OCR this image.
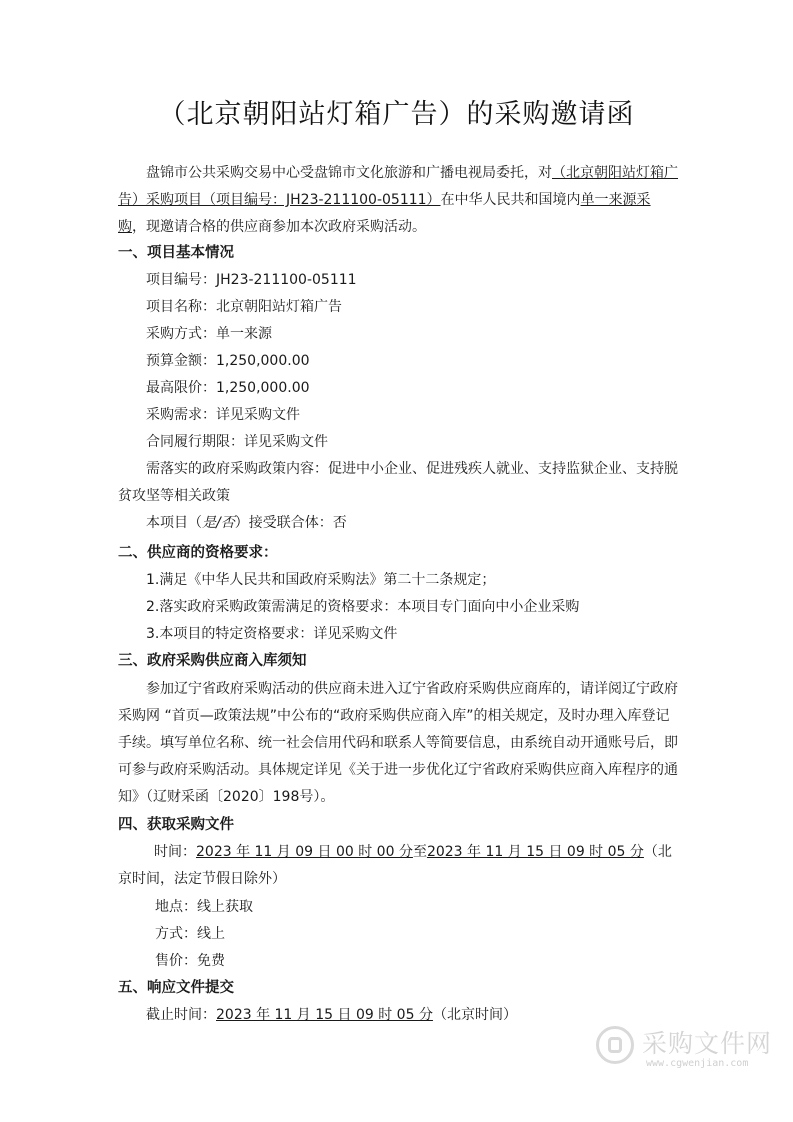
（北京朝阳站灯箱广告）的采购邀请函
盘锦市公共采购交易中心受盘锦市文化旅游和广播电视局委托，对（北京朝阳站灯箱广告）采购项目（项目编号：JH23-211100-05111）在中华人民共和国境内单一来源采购，现邀请合格的供应商参加本次政府采购活动。
一、项目基本情况
项目编号：JH23-211100-05111
项目名称：北京朝阳站灯箱广告
采购方式：单一来源
预算金额：1,250,000.00
最高限价：1,250,000.00
采购需求：详见采购文件
合同履行期限：详见采购文件
需落实的政府采购政策内容：促进中小企业、促进残疾人就业、支持监狱企业、支持脱贫攻坚等相关政策
本项目（是/否）接受联合体：否
二、供应商的资格要求：
1.满足《中华人民共和国政府采购法》第二十二条规定；
2.落实政府采购政策需满足的资格要求：本项目专门面向中小企业采购
3.本项目的特定资格要求：详见采购文件
三、政府采购供应商入库须知
参加辽宁省政府采购活动的供应商未进入辽宁省政府采购供应商库的，请详阅辽宁政府采购网 “首页—政策法规”中公布的“政府采购供应商入库”的相关规定，及时办理入库登记手续。填写单位名称、统一社会信用代码和联系人等简要信息，由系统自动开通账号后，即可参与政府采购活动。具体规定详见《关于进一步优化辽宁省政府采购供应商入库程序的通知》（辽财采函〔2020〕198号）。
四、获取采购文件
时间：2023 年 11 月 09 日 00 时 00 分至2023 年 11 月 15 日 09 时 05 分（北京时间，法定节假日除外）
地点：线上获取
方式：线上
售价：免费
五、响应文件提交
截止时间：2023 年 11 月 15 日 09 时 05 分（北京时间）
采购文件网
www.cgwenjian.com
